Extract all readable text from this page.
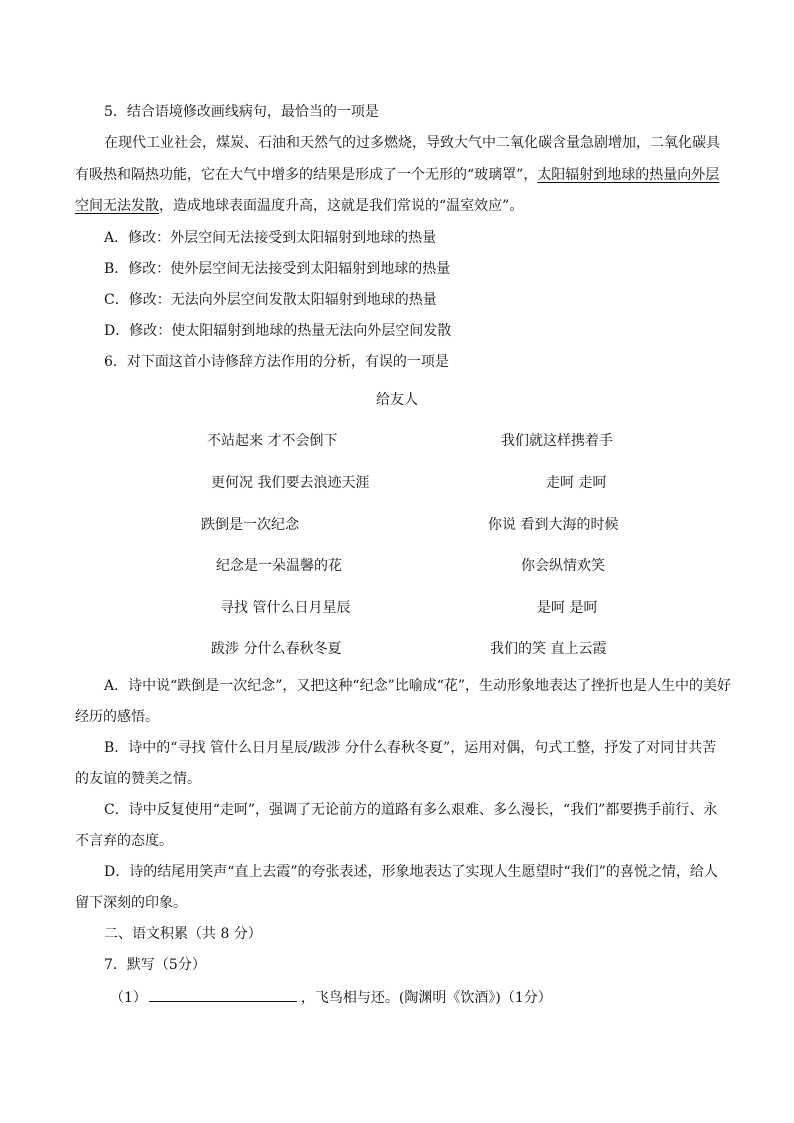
5．结合语境修改画线病句，最恰当的一项是
在现代工业社会，煤炭、石油和天然气的过多燃烧，导致大气中二氧化碳含量急剧增加，二氧化碳具
有吸热和隔热功能，它在大气中增多的结果是形成了一个无形的“玻璃罩”，太阳辐射到地球的热量向外层
空间无法发散，造成地球表面温度升高，这就是我们常说的“温室效应”。
A．修改：外层空间无法接受到太阳辐射到地球的热量
B．修改：使外层空间无法接受到太阳辐射到地球的热量
C．修改：无法向外层空间发散太阳辐射到地球的热量
D．修改：使太阳辐射到地球的热量无法向外层空间发散
6．对下面这首小诗修辞方法作用的分析，有误的一项是
给友人
不站起来 才不会倒下
更何况 我们要去浪迹天涯
跌倒是一次纪念
纪念是一朵温馨的花
寻找 管什么日月星辰
跋涉 分什么春秋冬夏
我们就这样携着手
走呵 走呵
你说 看到大海的时候
你会纵情欢笑
是呵 是呵
我们的笑 直上云霞
A．诗中说“跌倒是一次纪念”，又把这种“纪念”比喻成“花”，生动形象地表达了挫折也是人生中的美好
经历的感悟。
B．诗中的“寻找 管什么日月星辰/跋涉 分什么春秋冬夏”，运用对偶，句式工整，抒发了对同甘共苦
的友谊的赞美之情。
C．诗中反复使用“走呵”，强调了无论前方的道路有多么艰难、多么漫长，“我们”都要携手前行、永
不言弃的态度。
D．诗的结尾用笑声“直上去霞”的夸张表述，形象地表达了实现人生愿望时“我们”的喜悦之情，给人
留下深刻的印象。
二、语文积累（共 8 分）
7．默写（5分）
（1）	，飞鸟相与还。(陶渊明《饮酒》)（1分）
